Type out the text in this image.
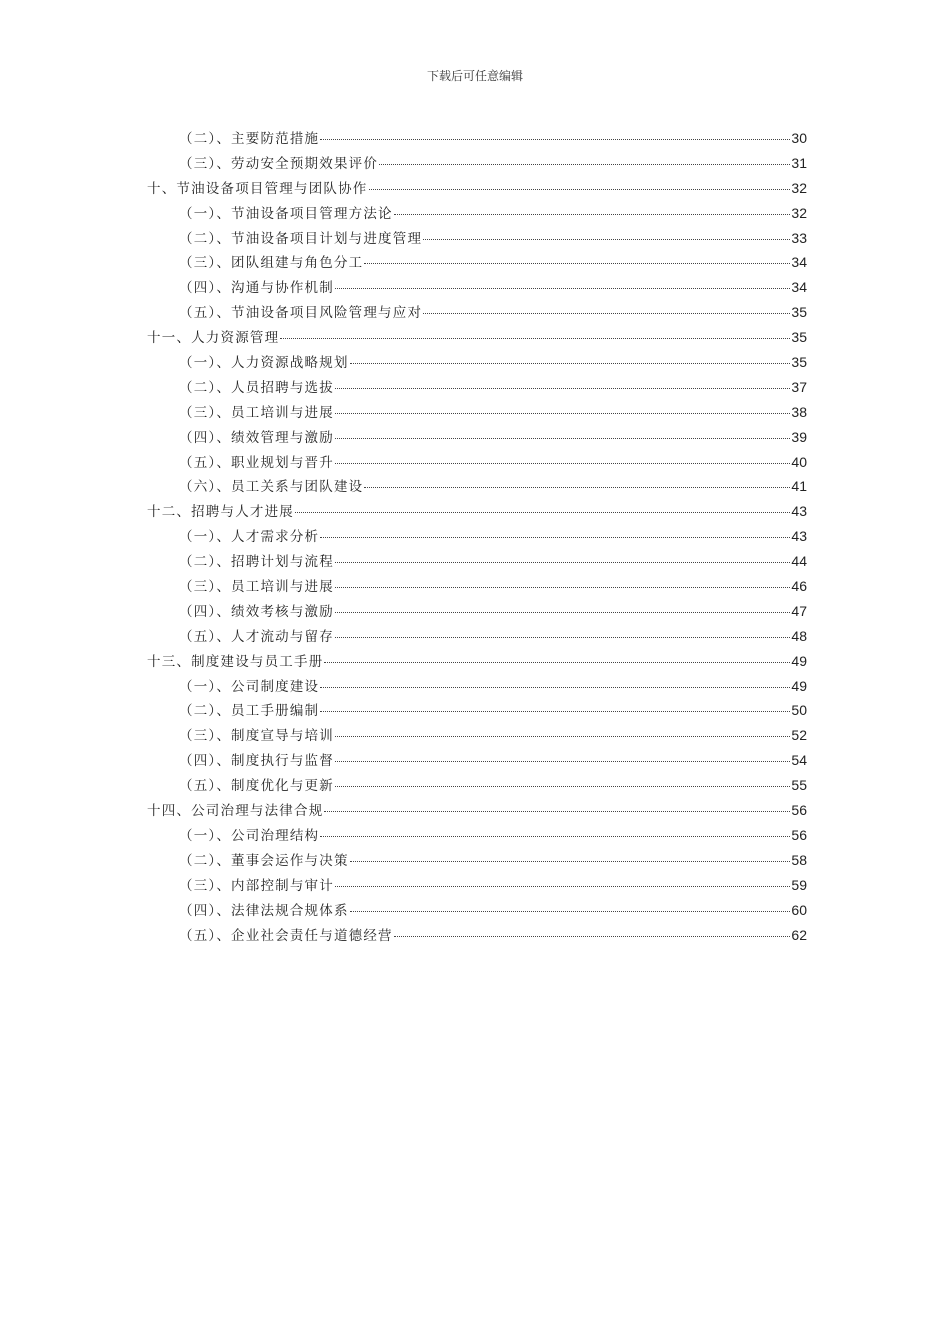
下载后可任意编辑
（二）、主要防范措施	30
（三）、劳动安全预期效果评价	31
十、节油设备项目管理与团队协作	32
（一）、节油设备项目管理方法论	32
（二）、节油设备项目计划与进度管理	33
（三）、团队组建与角色分工	34
（四）、沟通与协作机制	34
（五）、节油设备项目风险管理与应对	35
十一、人力资源管理	35
（一）、人力资源战略规划	35
（二）、人员招聘与选拔	37
（三）、员工培训与进展	38
（四）、绩效管理与激励	39
（五）、职业规划与晋升	40
（六）、员工关系与团队建设	41
十二、招聘与人才进展	43
（一）、人才需求分析	43
（二）、招聘计划与流程	44
（三）、员工培训与进展	46
（四）、绩效考核与激励	47
（五）、人才流动与留存	48
十三、制度建设与员工手册	49
（一）、公司制度建设	49
（二）、员工手册编制	50
（三）、制度宣导与培训	52
（四）、制度执行与监督	54
（五）、制度优化与更新	55
十四、公司治理与法律合规	56
（一）、公司治理结构	56
（二）、董事会运作与决策	58
（三）、内部控制与审计	59
（四）、法律法规合规体系	60
（五）、企业社会责任与道德经营	62
